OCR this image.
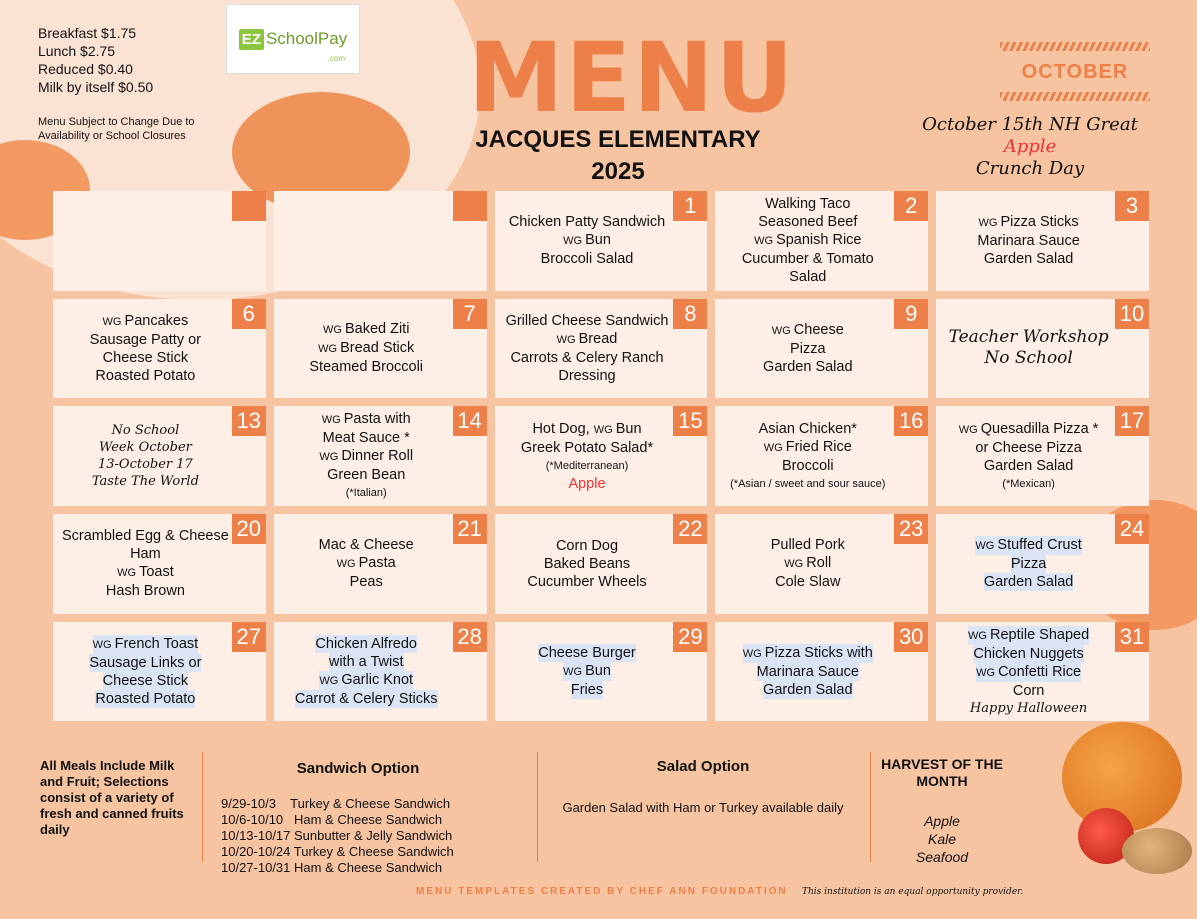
Breakfast $1.75
Lunch $2.75
Reduced $0.40
Milk by itself $0.50
Menu Subject to Change Due to Availability or School Closures
EZ SchoolPay
.com MENU
JACQUES ELEMENTARY
2025
OCTOBER
October 15th NH Great Apple
Crunch Day
1
Chicken Patty Sandwich
WG Bun
Broccoli Salad
2
Walking Taco
Seasoned Beef
WG Spanish Rice
Cucumber & Tomato Salad
3
WG Pizza Sticks
Marinara Sauce
Garden Salad
6
WG Pancakes
Sausage Patty or
Cheese Stick
Roasted Potato
7
WG Baked Ziti
WG Bread Stick
Steamed Broccoli
8
Grilled Cheese Sandwich
WG Bread
Carrots & Celery Ranch
Dressing
9
WG Cheese
Pizza
Garden Salad
10
Teacher Workshop
No School
13
No School
Week October
13-October 17
Taste The World
14
WG Pasta with
Meat Sauce *
WG Dinner Roll
Green Bean
(*Italian)
15
Hot Dog, WG Bun
Greek Potato Salad*
(*Mediterranean)
Apple
16
Asian Chicken*
WG Fried Rice
Broccoli
(*Asian / sweet and sour sauce)
17
WG Quesadilla Pizza *
or Cheese Pizza
Garden Salad
(*Mexican)
20
Scrambled Egg & Cheese
Ham
WG Toast
Hash Brown
21
Mac & Cheese
WG Pasta
Peas
22
Corn Dog
Baked Beans
Cucumber Wheels
23
Pulled Pork
WG Roll
Cole Slaw
24
WG Stuffed Crust
Pizza
Garden Salad
27
WG French Toast
Sausage Links or
Cheese Stick
Roasted Potato
28
Chicken Alfredo
with a Twist
WG Garlic Knot
Carrot & Celery Sticks
29
Cheese Burger
WG Bun
Fries
30
WG Pizza Sticks with
Marinara Sauce
Garden Salad
31
WG Reptile Shaped
Chicken Nuggets
WG Confetti Rice
Corn
Happy Halloween
All Meals Include Milk and Fruit; Selections consist of a variety of fresh and canned fruits daily
Sandwich Option
9/29-10/3    Turkey & Cheese Sandwich
10/6-10/10   Ham & Cheese Sandwich
10/13-10/17 Sunbutter & Jelly Sandwich
10/20-10/24 Turkey & Cheese Sandwich
10/27-10/31 Ham & Cheese Sandwich
Salad Option
Garden Salad with Ham or Turkey available daily
HARVEST OF THE MONTH
Apple
Kale
Seafood
MENU TEMPLATES CREATED BY CHEF ANN FOUNDATION This institution is an equal opportunity provider.
